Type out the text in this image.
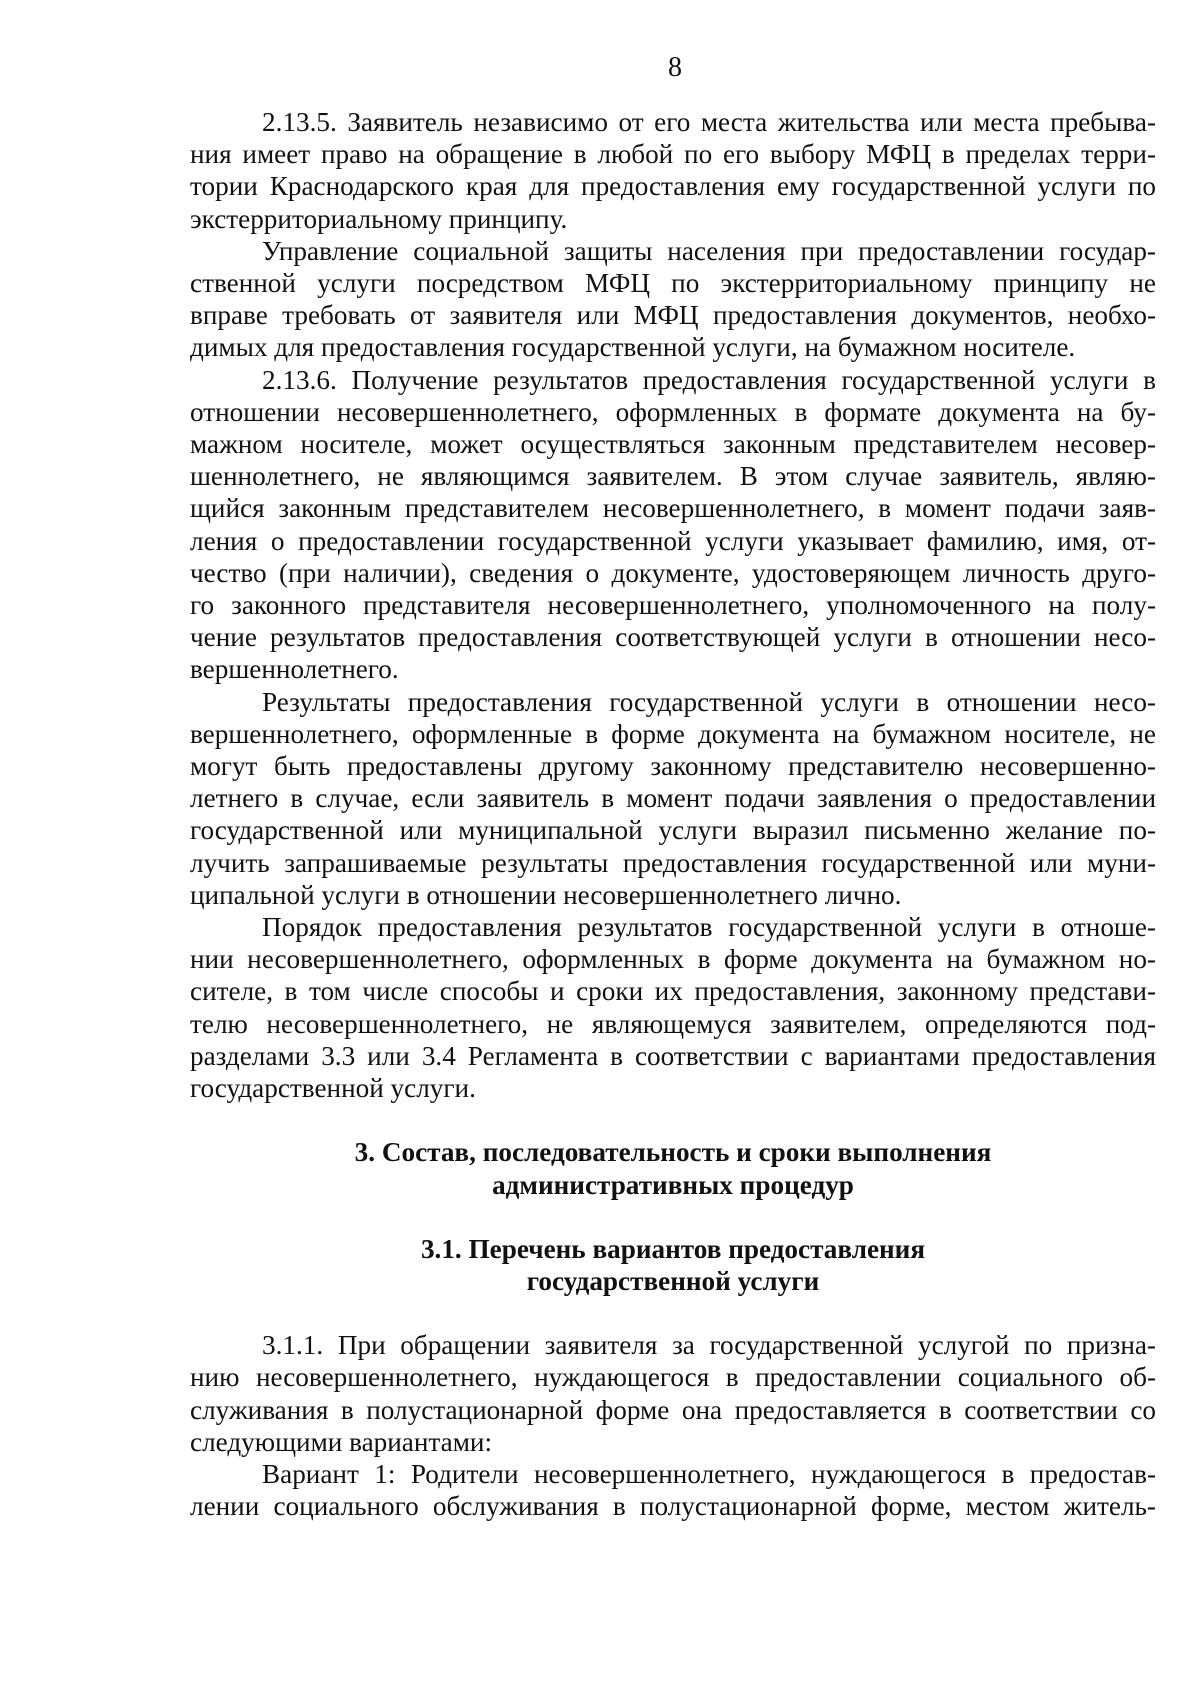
8

2.13.5. Заявитель независимо от его места жительства или места пребыва-
ния имеет право на обращение в любой по его выбору МФЦ в пределах терри-
тории Краснодарского края для предоставления ему государственной услуги по
экстерриториальному принципу.

Управление социальной защиты населения при предоставлении государ-
ственной услуги посредством МФЦ по экстерриториальному принципу не
вправе требовать от заявителя или МФЦ предоставления документов, необхо-
димых для предоставления государственной услуги, на бумажном носителе.

2.13.6. Получение результатов предоставления государственной услуги в
отношении несовершеннолетнего, оформленных в формате документа на бу-
мажном носителе, может осуществляться законным представителем несовер-
шеннолетнего, не являющимся заявителем. В этом случае заявитель, являю-
щийся законным представителем несовершеннолетнего, в момент подачи заяв-
ления о предоставлении государственной услуги указывает фамилию, имя, от-
чество (при наличии), сведения о документе, удостоверяющем личность друго-
го законного представителя несовершеннолетнего, уполномоченного на полу-
чение результатов предоставления соответствующей услуги в отношении несо-
вершеннолетнего.

Результаты предоставления государственной услуги в отношении несо-
вершеннолетнего, оформленные в форме документа на бумажном носителе, не
могут быть предоставлены другому законному представителю несовершенно-
летнего в случае, если заявитель в момент подачи заявления о предоставлении
государственной или муниципальной услуги выразил письменно желание по-
лучить запрашиваемые результаты предоставления государственной или муни-
ципальной услуги в отношении несовершеннолетнего лично.

Порядок предоставления результатов государственной услуги в отноше-
нии несовершеннолетнего, оформленных в форме документа на бумажном но-
сителе, в том числе способы и сроки их предоставления, законному представи-
телю несовершеннолетнего, не являющемуся заявителем, определяются под-
разделами 3.3 или 3.4 Регламента в соответствии с вариантами предоставления
государственной услуги.

3. Состав, последовательность и сроки выполнения
административных процедур
3.1. Перечень вариантов предоставления
государственной услуги

3.1.1. При обращении заявителя за государственной услугой по призна-
нию несовершеннолетнего, нуждающегося в предоставлении социального об-
служивания в полустационарной форме она предоставляется в соответствии со
следующими вариантами:

Вариант 1: Родители несовершеннолетнего, нуждающегося в предостав-
лении социального обслуживания в полустационарной форме, местом житель-
